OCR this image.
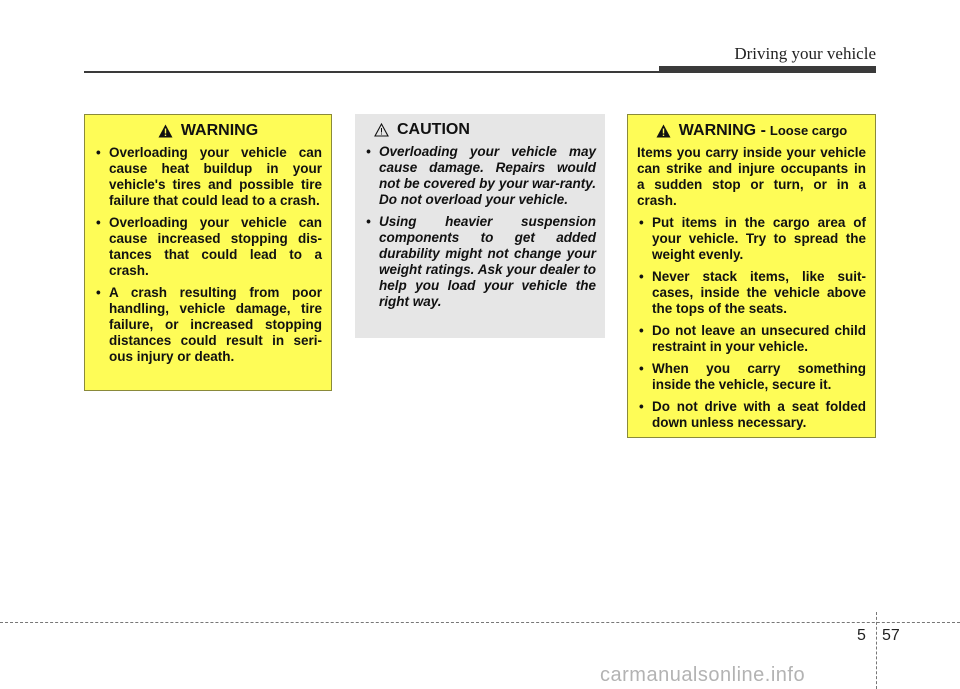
Driving your vehicle
WARNING
• Overloading your vehicle can cause heat buildup in your vehicle's tires and possible tire failure that could lead to a crash.
• Overloading your vehicle can cause increased stopping dis-tances that could lead to a crash.
• A crash resulting from poor handling, vehicle damage, tire failure, or increased stopping distances could result in seri-ous injury or death.
CAUTION
• Overloading your vehicle may cause damage. Repairs would not be covered by your war-ranty. Do not overload your vehicle.
• Using heavier suspension components to get added durability might not change your weight ratings. Ask your dealer to help you load your vehicle the right way.
WARNING - Loose cargo
Items you carry inside your vehicle can strike and injure occupants in a sudden stop or turn, or in a crash.
• Put items in the cargo area of your vehicle. Try to spread the weight evenly.
• Never stack items, like suit-cases, inside the vehicle above the tops of the seats.
• Do not leave an unsecured child restraint in your vehicle.
• When you carry something inside the vehicle, secure it.
• Do not drive with a seat folded down unless necessary.
5 57
carmanualsonline.info
